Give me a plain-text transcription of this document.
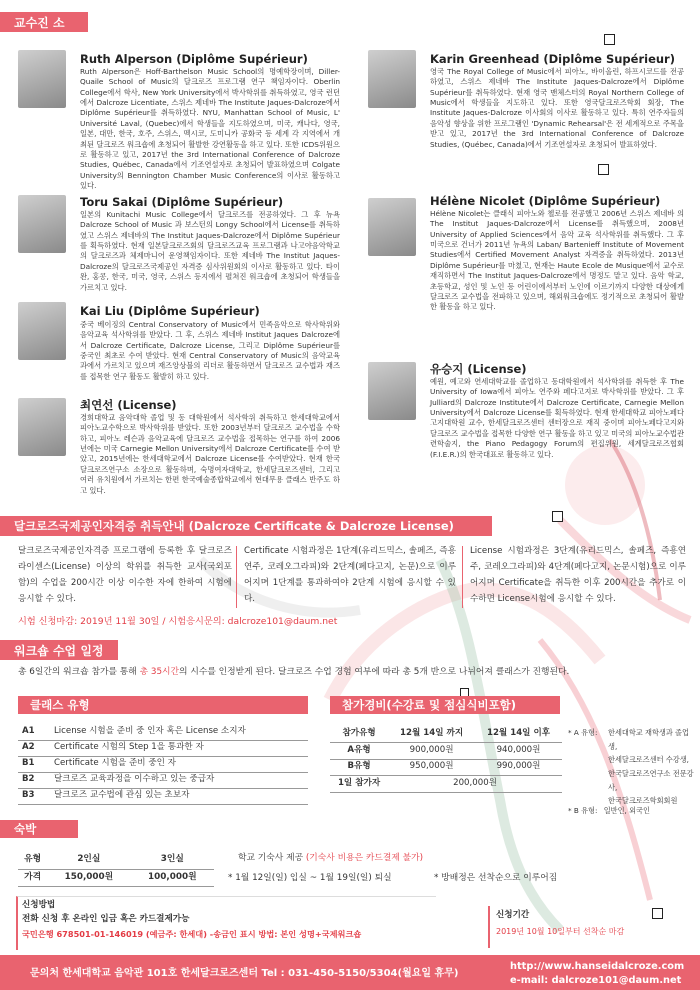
교수진 소개
Ruth Alperson (Diplôme Supérieur)
Ruth Alperson은 Hoff-Barthelson Music School의 명예학장이며, Diller-Quaile School of Music의 달크로즈 프로그램 연구 책임자이다. Oberlin College에서 학사, New York University에서 박사학위를 취득하였고, 영국 런던에서 Dalcroze Licentiate, 스위스 제네바 The Institute Jaques-Dalcroze에서 Diplôme Supérieur를 취득하였다. NYU, Manhattan School of Music, L' Université Laval, (Quebec)에서 학생들을 지도하였으며, 미국, 캐나다, 영국, 일본, 대만, 한국, 호주, 스위스, 멕시코, 도미니카 공화국 등 세계 각 지역에서 개최된 달크로즈 워크숍에 초청되어 활발한 강연활동을 하고 있다. 또한 ICDS위원으로 활동하고 있고, 2017년 the 3rd International Conference of Dalcroze Studies, Québec, Canada에서 기조연설자로 초청되어 발표하였으며 Colgate University의 Bennington Chamber Music Conference의 이사로 활동하고 있다.
Toru Sakai (Diplôme Supérieur)
일본의 Kunitachi Music College에서 달크로즈를 전공하였다. 그 후 뉴욕 Dalcroze School of Music 과 보스턴의 Longy School에서 License를 취득하였고 스위스 제네바의 The Institut Jaques-Dalcroze에서 Diplôme Supérieur를 획득하였다. 현재 일본달크로즈회의 달크로즈교육 프로그램과 나고야음악학교의 달크로즈과 체제마니어 운영책임자이다. 또한 제네바 The Institut Jaques-Dalcroze의 달크로즈국제공인 자격증 심사위원회의 이사로 활동하고 있다. 타이완, 홍콩, 한국, 미국, 영국, 스위스 등지에서 펼쳐진 워크숍에 초청되어 학생들을 가르치고 있다.
Kai Liu (Diplôme Supérieur)
중국 베이징의 Central Conservatory of Music에서 민족음악으로 학사학위와 음악교육 석사학위를 받았다. 그 후, 스위스 제네바 Institut Jaques Dalcroze에서 Dalcroze Certificate, Dalcroze License, 그리고 Diplôme Supérieur를 중국인 최초로 수여 받았다. 현재 Central Conservatory of Music의 음악교육과에서 가르치고 있으며 재즈앙상블의 리더로 활동하면서 달크로즈 교수법과 재즈를 접목한 연구 활동도 활발히 하고 있다.
최연선 (License)
경희대학교 음악대학 졸업 및 동 대학원에서 석사학위 취득하고 한세대학교에서 피아노교수학으로 박사학위를 받았다. 또한 2003년부터 달크로즈 교수법을 수학하고, 피아노 레슨과 음악교육에 달크로즈 교수법을 접목하는 연구를 하여 2006년에는 미국 Carnegie Mellon University에서 Dalcroze Certificate를 수여 받았고, 2015년에는 한세대학교에서 Dalcroze License를 수여받았다. 현재 한국달크로즈연구소 소장으로 활동하며, 숙명여자대학교, 한세달크로즈센터, 그리고 여러 유치원에서 가르치는 한편 한국예술종합학교에서 현대무용 클래스 반주도 하고 있다.
Karin Greenhead (Diplôme Supérieur)
영국 The Royal College of Music에서 피아노, 바이올린, 하프시코드를 전공하였고, 스위스 제네바 The Institute Jaques-Dalcroze에서 Diplôme Supérieur를 취득하였다. 현재 영국 맨체스터의 Royal Northern College of Music에서 학생들을 지도하고 있다. 또한 영국달크로즈학회 회장, The Institute Jaques-Dalcroze 이사회의 이사로 활동하고 있다. 특히 연주자들의 음악성 향상을 위한 프로그램인 'Dynamic Rehearsal'은 전 세계적으로 주목을 받고 있고, 2017년 the 3rd International Conference of Dalcroze Studies, (Québec, Canada)에서 기조연설자로 초청되어 발표하였다.
Hélène Nicolet (Diplôme Supérieur)
Hélène Nicolet는 클래식 피아노와 첼로를 전공했고 2006년 스위스 제네바 의 The Institut Jaques-Dalcroze에서 License를 취득했으며, 2008년 University of Applied Sciences에서 음악 교육 석사학위를 취득했다. 그 후 미국으로 건너가 2011년 뉴욕의 Laban/ Bartenieff Institute of Movement Studies에서 Certified Movement Analyst 자격증을 취득하였다. 2013년 Diplôme Supérieur를 마쳤고, 현재는 Haute Ecole de Musique에서 교수로 재직하면서 The Institut Jaques-Dalcroze에서 명정도 맡고 있다. 음악 학교, 초등학교, 성인 및 노인 등 어린이에서부터 노인에 이르기까지 다양한 대상에게 달크로즈 교수법을 전파하고 있으며, 해외워크숍에도 정기적으로 초청되어 활발한 활동을 하고 있다.
유승지 (License)
예원, 예고와 연세대학교를 졸업하고 동대학원에서 석사학위를 취득한 후 The University of Iowa에서 피아노 연주와 페다고지로 박사학위를 받았다. 그 후 Julliard의 Dalcroze Institute에서 Dalcroze Certificate, Carnegie Mellon University에서 Dalcroze License를 획득하였다. 현재 한세대학교 피아노페다고지대학원 교수, 한세달크로즈센터 센터장으로 재직 중이며 피아노페다고지와 달크로즈 교수법을 접목한 다양한 연구 활동을 하고 있고 미국의 피아노교수법관련학술지, the Piano Pedagogy Forum의 편집위원, 세계달크로즈협회(F.I.E.R.)의 한국대표로 활동하고 있다.
달크로즈국제공인자격증 취득안내 (Dalcroze Certificate & Dalcroze License)
달크로즈국제공인자격증 프로그램에 등록한 후 달크로즈 라이센스(License) 이상의 학위를 취득한 교사(국외포함)의 수업을 200시간 이상 이수한 자에 한하여 시험에 응시할 수 있다.
Certificate 시험과정은 1단계(유리드믹스, 솔페즈, 즉흥연주, 코레오그라피)와 2단계(페다고지, 논문)으로 이루어지며 1단계를 통과하여야 2단계 시험에 응시할 수 있다.
License 시험과정은 3단계(유리드믹스, 솔페즈, 즉흥연주, 코레오그라피)와 4단계(페다고지, 논문시험)으로 이루어지며 Certificate을 취득한 이후 200시간을 추가로 이수하면 License시험에 응시할 수 있다.
시험 신청마감: 2019년 11월 30일 / 시험응시문의: dalcroze101@daum.net
워크숍 수업 일정
총 6일간의 워크숍 참가를 통해 총 35시간의 시수를 인정받게 된다. 달크로즈 수업 경험 여부에 따라 총 5개 반으로 나뉘어져 클래스가 진행된다.
클래스 유형
A1	License 시험을 준비 중 인자 혹은 License 소지자
A2	Certificate 시험의 Step 1을 통과한 자
B1	Certificate 시험을 준비 중인 자
B2	달크로즈 교육과정을 이수하고 있는 중급자
B3	달크로즈 교수법에 관심 있는 초보자
참가경비(수강료 및 점심식비포함)
참가유형	12월 14일 까지	12월 14일 이후
A유형	900,000원	940,000원
B유형	950,000원	990,000원
1일 참가자	200,000원	
* A 유형: 한세대학교 재학생과 졸업생,
한세달크로즈센터 수강생,
한국달크로즈연구소 전문강사,
한국달크로즈학회회원
* B 유형: 일반인, 외국인
숙박
유형	2인실	3인실
가격	150,000원	100,000원
학교 기숙사 제공 (기숙사 비용은 카드결제 불가)
* 1월 12일(일) 입실 ~ 1월 19일(일) 퇴실	* 방배정은 선착순으로 이루어짐
신청방법
전화 신청 후 온라인 입금 혹은 카드결제가능
국민은행 678501-01-146019 (예금주: 한세대) -송금인 표시 방법: 본인 성명+국제워크숍
신청기간
2019년 10월 10일부터 선착순 마감
문의처 한세대학교 음악관 101호 한세달크로즈센터 Tel : 031-450-5150/5304(월요일 휴무)
http://www.hanseidalcroze.com
e-mail: dalcroze101@daum.net
